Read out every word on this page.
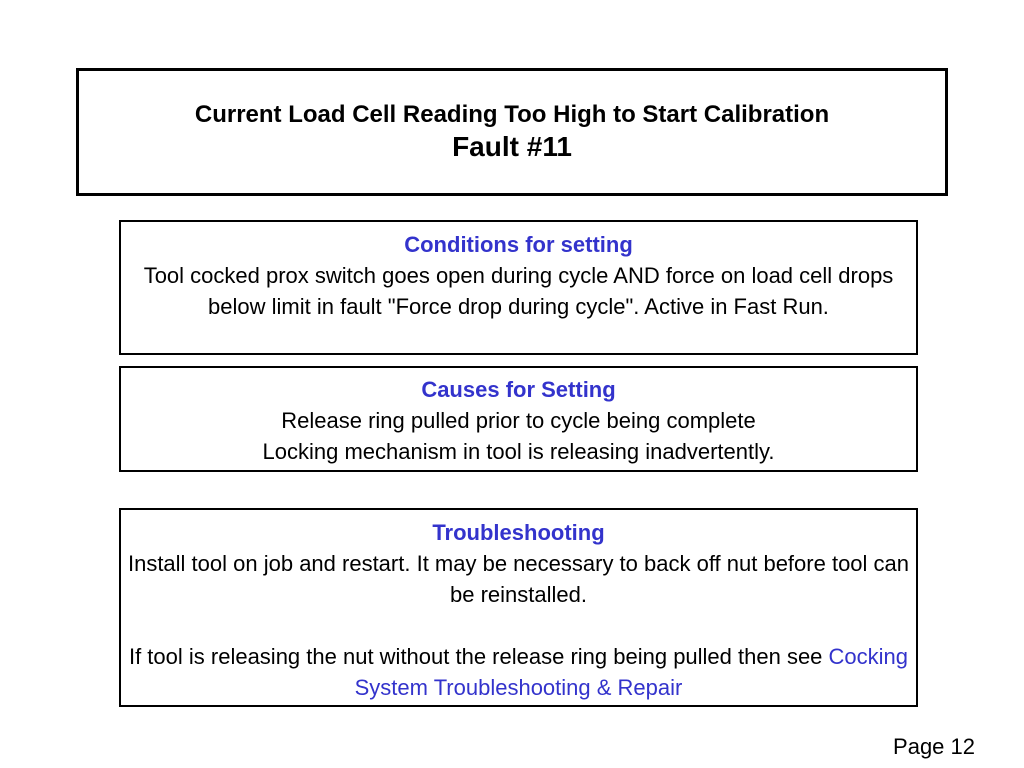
Current Load Cell Reading Too High to Start Calibration
Fault #11
Conditions for setting
Tool cocked prox switch goes open during cycle AND force on load cell drops below limit in fault "Force drop during cycle". Active in Fast Run.
Causes for Setting
Release ring pulled prior to cycle being complete
Locking mechanism in tool is releasing inadvertently.
Troubleshooting
Install tool on job and restart. It may be necessary to back off nut before tool can be reinstalled.
If tool is releasing the nut without the release ring being pulled then see Cocking System Troubleshooting & Repair
Page 12
